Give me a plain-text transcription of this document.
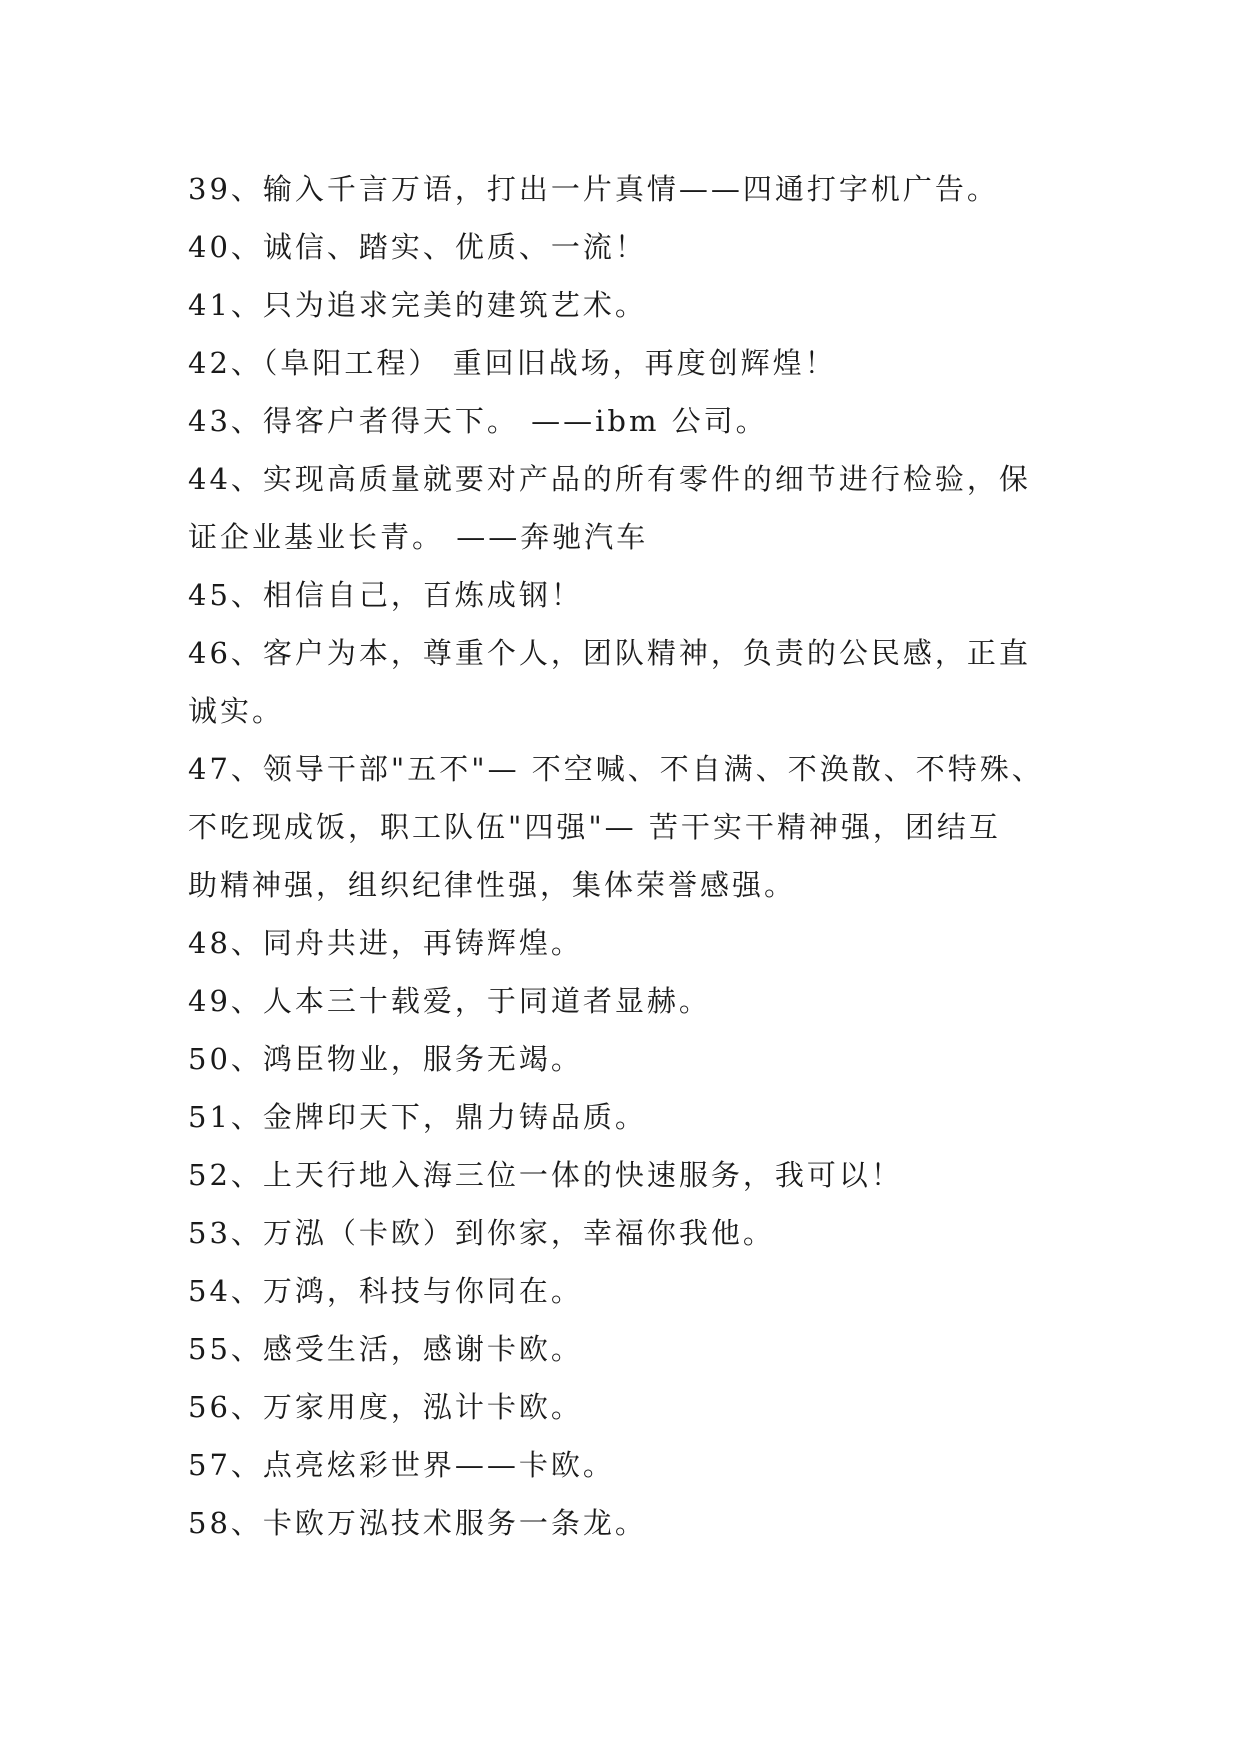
39、输入千言万语，打出一片真情——四通打字机广告。
40、诚信、踏实、优质、一流！
41、只为追求完美的建筑艺术。
42、（阜阳工程） 重回旧战场，再度创辉煌！
43、得客户者得天下。 ——ibm 公司。
44、实现高质量就要对产品的所有零件的细节进行检验，保
证企业基业长青。 ——奔驰汽车
45、相信自己，百炼成钢！
46、客户为本，尊重个人，团队精神，负责的公民感，正直
诚实。
47、领导干部"五不"— 不空喊、不自满、不涣散、不特殊、
不吃现成饭，职工队伍"四强"— 苦干实干精神强，团结互
助精神强，组织纪律性强，集体荣誉感强。
48、同舟共进，再铸辉煌。
49、人本三十载爱，于同道者显赫。
50、鸿臣物业，服务无竭。
51、金牌印天下，鼎力铸品质。
52、上天行地入海三位一体的快速服务，我可以！
53、万泓（卡欧）到你家，幸福你我他。
54、万鸿，科技与你同在。
55、感受生活，感谢卡欧。
56、万家用度，泓计卡欧。
57、点亮炫彩世界——卡欧。
58、卡欧万泓技术服务一条龙。
